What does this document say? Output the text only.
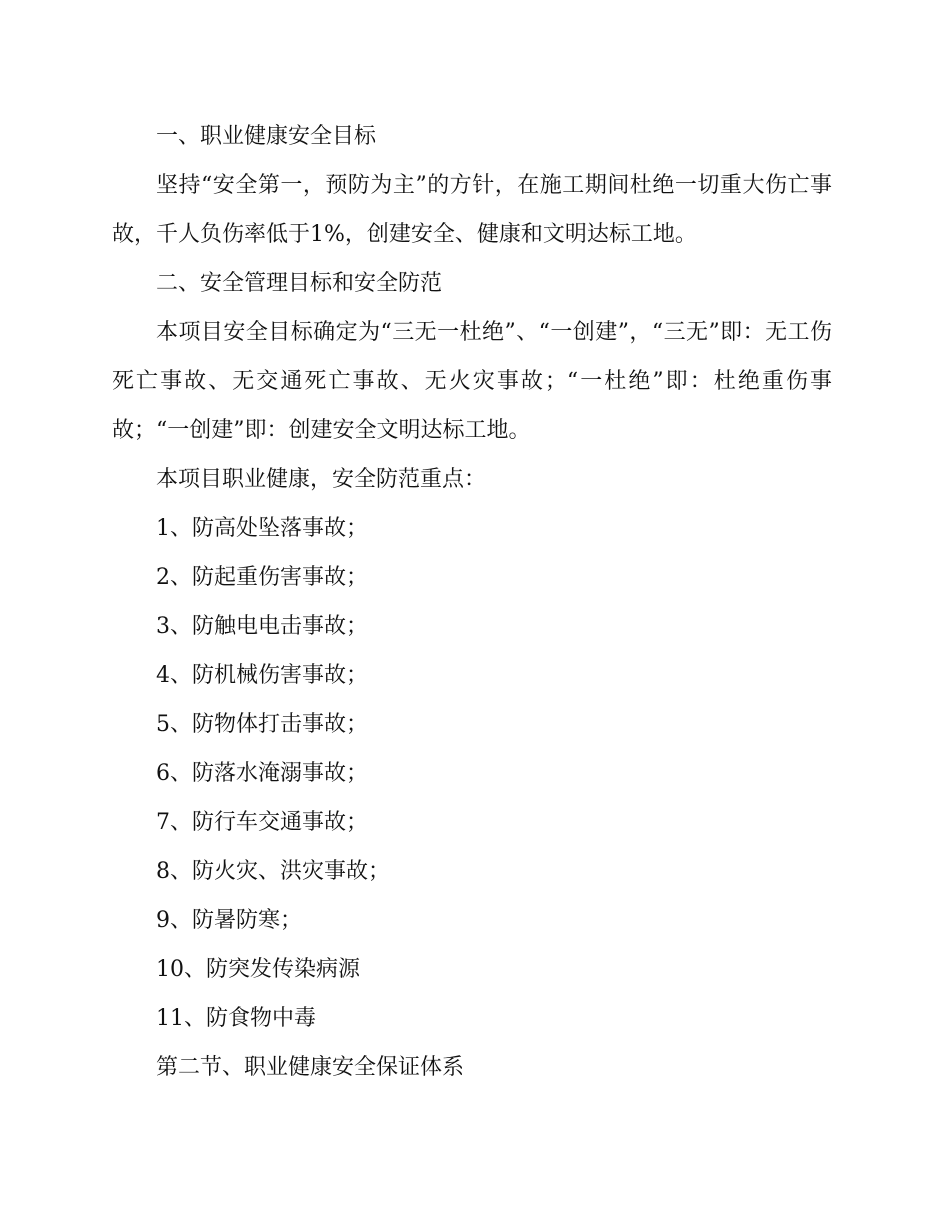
一、职业健康安全目标

坚持“安全第一，预防为主”的方针，在施工期间杜绝一切重大伤亡事故，千人负伤率低于1%，创建安全、健康和文明达标工地。

二、安全管理目标和安全防范

本项目安全目标确定为“三无一杜绝”、“一创建”，“三无”即：无工伤死亡事故、无交通死亡事故、无火灾事故；“一杜绝”即：杜绝重伤事故；“一创建”即：创建安全文明达标工地。

本项目职业健康，安全防范重点：

1、防高处坠落事故；

2、防起重伤害事故；

3、防触电电击事故；

4、防机械伤害事故；

5、防物体打击事故；

6、防落水淹溺事故；

7、防行车交通事故；

8、防火灾、洪灾事故；

9、防暑防寒；

10、防突发传染病源

11、防食物中毒

第二节、职业健康安全保证体系
